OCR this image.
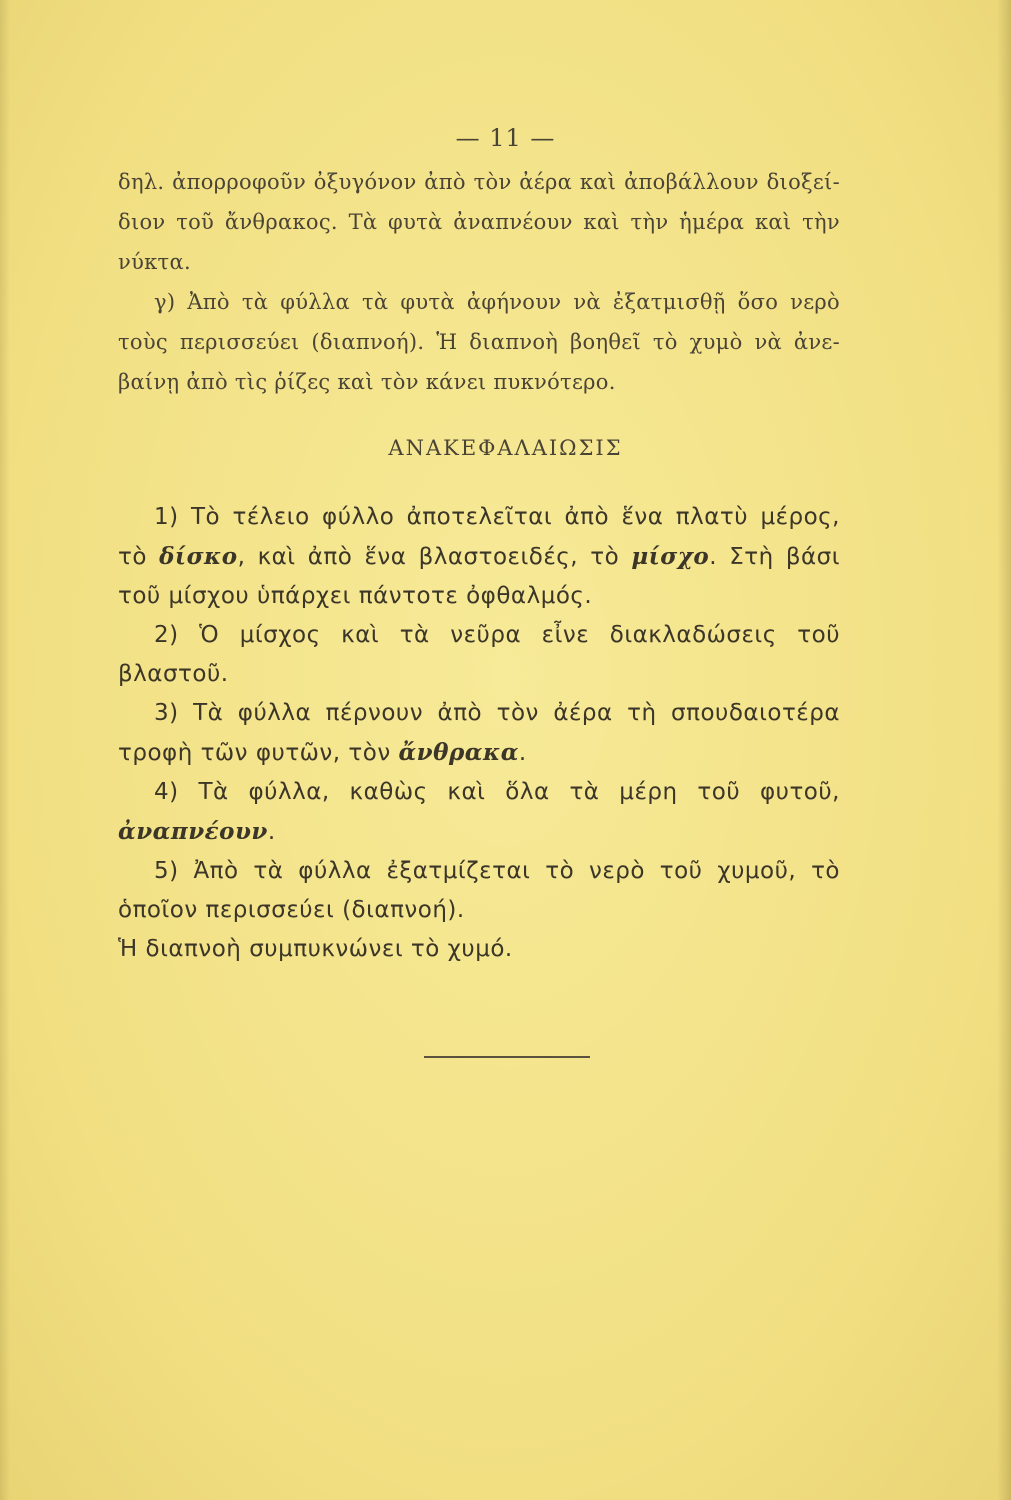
— 11 —
δηλ. ἀπορροφοῦν ὀξυγόνον ἀπὸ τὸν ἀέρα καὶ ἀποβάλλουν διοξεί-
διον τοῦ ἄνθρακος. Τὰ φυτὰ ἀναπνέουν καὶ τὴν ἡμέρα καὶ τὴν
νύκτα.
γ) Ἀπὸ τὰ φύλλα τὰ φυτὰ ἀφήνουν νὰ ἐξατμισθῇ ὅσο νερὸ
τοὺς περισσεύει (διαπνοή). Ἡ διαπνοὴ βοηθεῖ τὸ χυμὸ νὰ ἀνε-
βαίνῃ ἀπὸ τὶς ῥίζες καὶ τὸν κάνει πυκνότερο.
ΑΝΑΚΕΦΑΛΑΙΩΣΙΣ
1) Τὸ τέλειο φύλλο ἀποτελεῖται ἀπὸ ἕνα πλατὺ μέρος,
τὸ δίσκο, καὶ ἀπὸ ἕνα βλαστοειδές, τὸ μίσχο. Στὴ βάσι
τοῦ μίσχου ὑπάρχει πάντοτε ὀφθαλμός.
2) Ὁ μίσχος καὶ τὰ νεῦρα εἶνε διακλαδώσεις τοῦ
βλαστοῦ.
3) Τὰ φύλλα πέρνουν ἀπὸ τὸν ἀέρα τὴ σπουδαιοτέρα
τροφὴ τῶν φυτῶν, τὸν ἄνθρακα.
4) Τὰ φύλλα, καθὼς καὶ ὅλα τὰ μέρη τοῦ φυτοῦ,
ἀναπνέουν.
5) Ἀπὸ τὰ φύλλα ἐξατμίζεται τὸ νερὸ τοῦ χυμοῦ, τὸ
ὁποῖον περισσεύει (διαπνοή).
Ἡ διαπνοὴ συμπυκνώνει τὸ χυμό.
